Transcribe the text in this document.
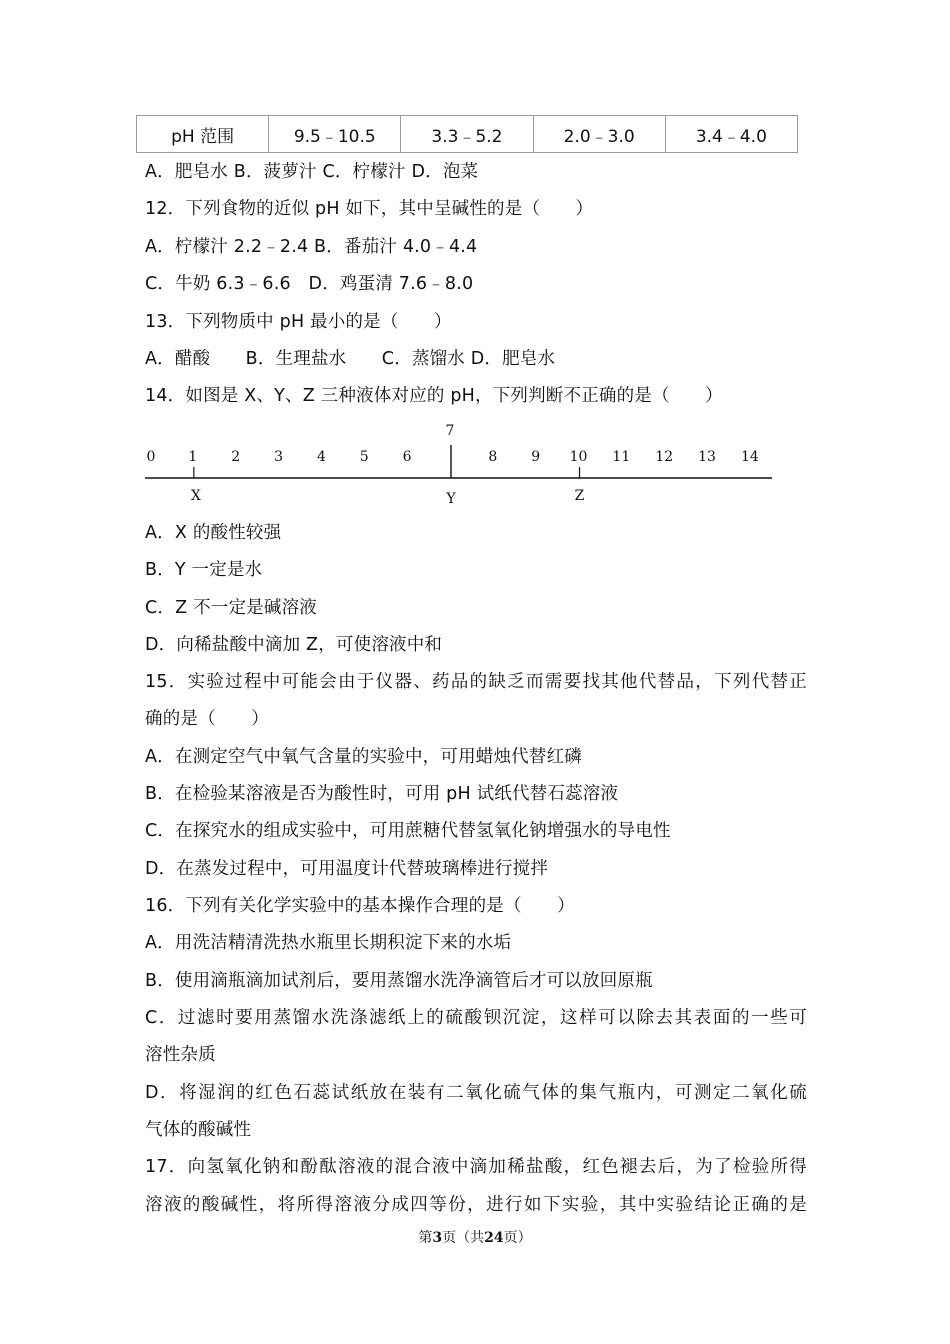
pH 范围	9.5﹣10.5	3.3﹣5.2	2.0﹣3.0	3.4﹣4.0
A．肥皂水 B．菠萝汁 C．柠檬汁 D．泡菜
12．下列食物的近似 pH 如下，其中呈碱性的是（　　）
A．柠檬汁 2.2﹣2.4 B．番茄汁 4.0﹣4.4
C．牛奶 6.3﹣6.6　D．鸡蛋清 7.6﹣8.0
13．下列物质中 pH 最小的是（　　）
A．醋酸　　B．生理盐水　　C．蒸馏水 D．肥皂水
14．如图是 X、Y、Z 三种液体对应的 pH，下列判断不正确的是（　　）
0 1 2 3 4 5 6
7
8 9 10 11 12 13 14
X	Y	Z
A．X 的酸性较强
B．Y 一定是水
C．Z 不一定是碱溶液
D．向稀盐酸中滴加 Z，可使溶液中和
15．实验过程中可能会由于仪器、药品的缺乏而需要找其他代替品，下列代替正
确的是（　　）
A．在测定空气中氧气含量的实验中，可用蜡烛代替红磷
B．在检验某溶液是否为酸性时，可用 pH 试纸代替石蕊溶液
C．在探究水的组成实验中，可用蔗糖代替氢氧化钠增强水的导电性
D．在蒸发过程中，可用温度计代替玻璃棒进行搅拌
16．下列有关化学实验中的基本操作合理的是（　　）
A．用洗洁精清洗热水瓶里长期积淀下来的水垢
B．使用滴瓶滴加试剂后，要用蒸馏水洗净滴管后才可以放回原瓶
C．过滤时要用蒸馏水洗涤滤纸上的硫酸钡沉淀，这样可以除去其表面的一些可
溶性杂质
D．将湿润的红色石蕊试纸放在装有二氧化硫气体的集气瓶内，可测定二氧化硫
气体的酸碱性
17．向氢氧化钠和酚酞溶液的混合液中滴加稀盐酸，红色褪去后，为了检验所得
溶液的酸碱性，将所得溶液分成四等份，进行如下实验，其中实验结论正确的是
第3页（共24页）
